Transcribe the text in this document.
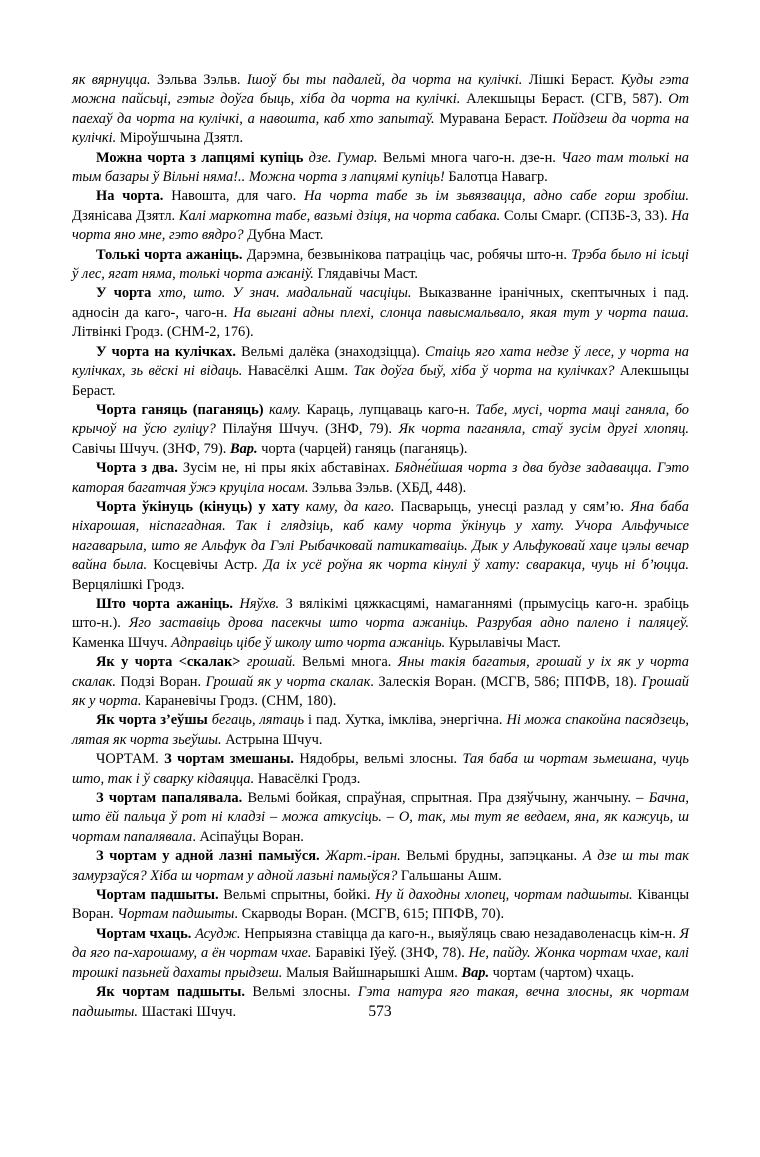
як вярнуцца. Зэльва Зэльв. Ішоў бы ты падалей, да чорта на кулічкі. Лішкі Бераст. Куды гэта можна пайсьці, гэтыг доўга быць, хіба да чорта на кулічкі. Алекшыцы Бераст. (СГВ, 587). От паехаў да чорта на кулічкі, а навошта, каб хто запытаў. Муравана Бераст. Пойдзеш да чорта на кулічкі. Міроўшчына Дзятл.

Можна чорта з лапцямі купіць дзе. Гумар. Вельмі многа чаго-н. дзе-н. Чаго там толькі на тым базары ў Вільні няма!.. Можна чорта з лапцямі купіць! Балотца Навагр.

На чорта. Навошта, для чаго. На чорта табе зь ім зьвязвацца, адно сабе горш зробіш. Дзянісава Дзятл. Калі маркотна табе, вазьмі дзіця, на чорта сабака. Солы Смарг. (СПЗБ-3, 33). На чорта яно мне, гэто вядро? Дубна Маст.

Толькі чорта ажаніць. Дарэмна, безвынікова патраціць час, робячы што-н. Трэба было ні ісьці ў лес, ягат няма, толькі чорта ажаніў. Глядавічы Маст.

У чорта хто, што. У знач. мадальнай часціцы. Выказванне іранічных, скептычных і пад. адносін да каго-, чаго-н. На выгані адны плехі, слонца павысмальвало, якая тут у чорта паша. Літвінкі Гродз. (СНМ-2, 176).

У чорта на кулічках. Вельмі далёка (знаходзіцца). Стаіць яго хата недзе ў лесе, у чорта на кулічках, зь вёскі ні відаць. Навасёлкі Ашм. Так доўга быў, хіба ў чорта на кулічках? Алекшыцы Бераст.

Чорта ганяць (паганяць) каму. Караць, лупцаваць каго-н. Табе, мусі, чорта маці ганяла, бо крычоў на ўсю гуліцу? Пілаўня Шчуч. (ЗНФ, 79). Як чорта паганяла, стаў зусім другі хлопяц. Савічы Шчуч. (ЗНФ, 79). Вар. чорта (чарцей) ганяць (паганяць).

Чорта з два. Зусім не, ні пры якіх абставінах. Бядне́йшая чорта з два будзе задавацца. Гэто каторая багатчая ўжэ круціла носам. Зэльва Зэльв. (ХБД, 448).

Чорта ўкінуць (кінуць) у хату каму, да каго. Пасварыць, унесці разлад у сям’ю. Яна баба ніхарошая, ніспагадная. Так і глядзіць, каб каму чорта ўкінуць у хату. Учора Альфучысе нагаварыла, што яе Альфук да Гэлі Рыбачковай патикатваіць. Дык у Альфуковай хаце цэлы вечар вайна была. Косцевічы Астр. Да іх усё роўна як чорта кінулі ў хату: сваракца, чуць ні б’юцца. Верцялішкі Гродз.

Што чорта ажаніць. Няўхв. З вялікімі цяжкасцямі, намаганнямі (прымусіць каго-н. зрабіць што-н.). Яго заставіць дрова пасекчы што чорта ажаніць. Разрубая адно палено і паляцеў. Каменка Шчуч. Адправіць цібе ў школу што чорта ажаніць. Курылавічы Маст.

Як у чорта <скалак> грошай. Вельмі многа. Яны такія багатыя, грошай у іх як у чорта скалак. Подзі Воран. Грошай як у чорта скалак. Залескія Воран. (МСГВ, 586; ППФВ, 18). Грошай як у чорта. Караневічы Гродз. (СНМ, 180).

Як чорта з’еўшы бегаць, лятаць і пад. Хутка, імкліва, энергічна. Ні можа спакойна пасядзець, лятая як чорта зьеўшы. Астрына Шчуч.

ЧОРТАМ. З чортам змешаны. Нядобры, вельмі злосны. Тая баба ш чортам зьмешана, чуць што, так і ў сварку кідаяцца. Навасёлкі Гродз.

З чортам папалявала. Вельмі бойкая, спраўная, спрытная. Пра дзяўчыну, жанчыну. – Бачна, што ёй пальца ў рот ні кладзі – можа аткусіць. – О, так, мы тут яе ведаем, яна, як кажуць, ш чортам папалявала. Асіпаўцы Воран.

З чортам у адной лазні памыўся. Жарт.-іран. Вельмі брудны, запэцканы. А дзе ш ты так замурзаўся? Хіба ш чортам у адной лазьні памыўся? Гальшаны Ашм.

Чортам падшыты. Вельмі спрытны, бойкі. Ну й даходны хлопец, чортам падшыты. Ківанцы Воран. Чортам падшыты. Скарводы Воран. (МСГВ, 615; ППФВ, 70).

Чортам чхаць. Асудж. Непрыязна ставіцца да каго-н., выяўляць сваю незадаволенасць кім-н. Я да яго па-харошаму, а ён чортам чхае. Баравікі Іўеў. (ЗНФ, 78). Не, пайду. Жонка чортам чхае, калі трошкі пазьней дахаты прыдзеш. Малыя Вайшнарышкі Ашм. Вар. чортам (чартом) чхаць.

Як чортам падшыты. Вельмі злосны. Гэта натура яго такая, вечна злосны, як чортам падшыты. Шастакі Шчуч.	573
